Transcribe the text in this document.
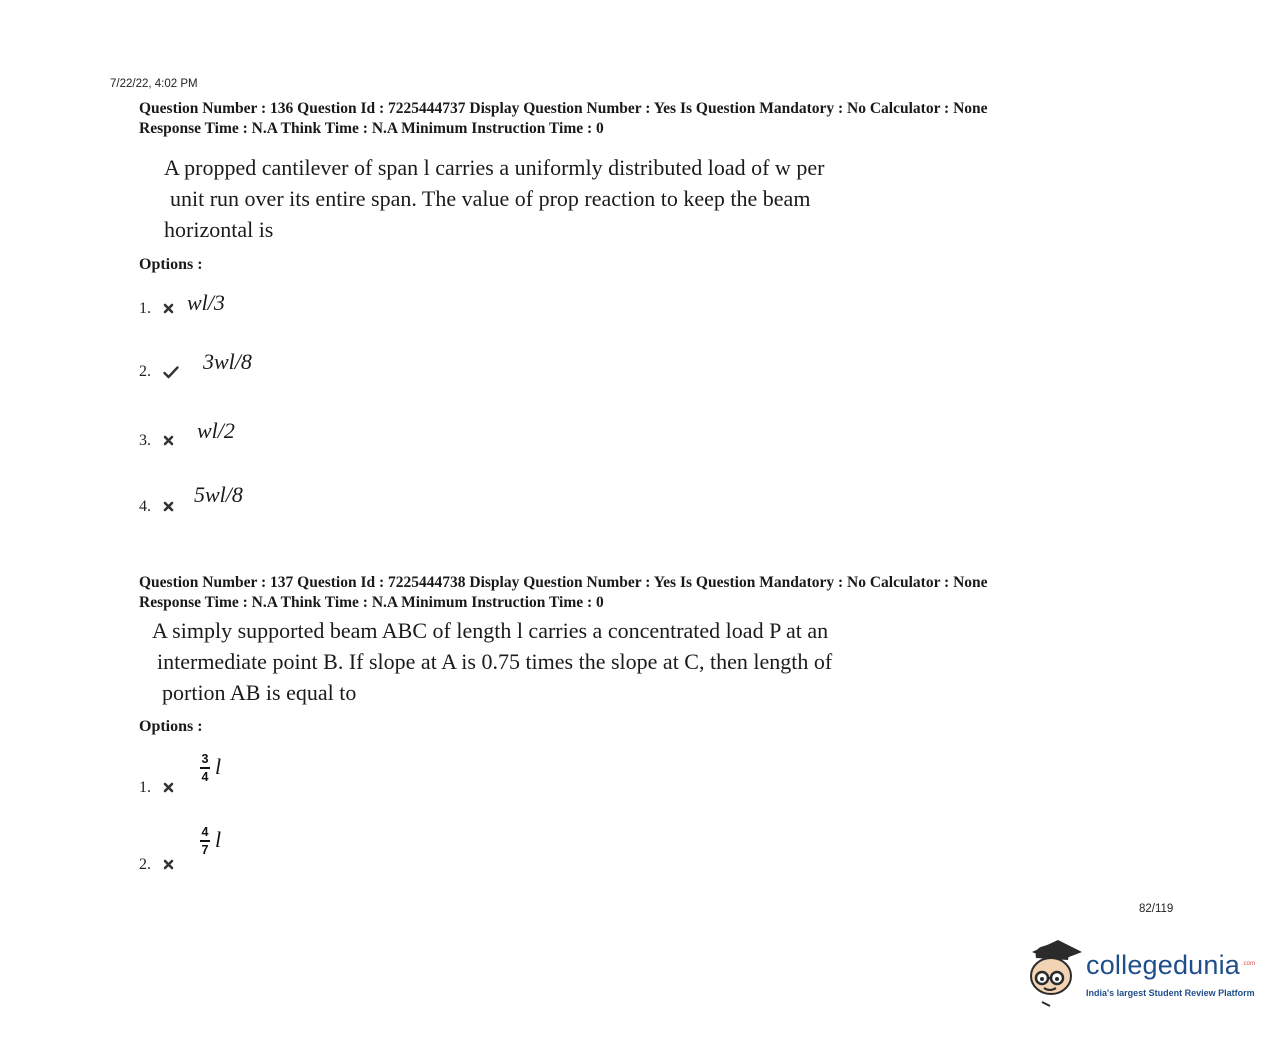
7/22/22, 4:02 PM
Question Number : 136 Question Id : 7225444737 Display Question Number : Yes Is Question Mandatory : No Calculator : None
Response Time : N.A Think Time : N.A Minimum Instruction Time : 0
A propped cantilever of span l carries a uniformly distributed load of w per
unit run over its entire span. The value of prop reaction to keep the beam
horizontal is
Options :
1.	wl/3
2.	3wl/8
3.	wl/2
4.	5wl/8
Question Number : 137 Question Id : 7225444738 Display Question Number : Yes Is Question Mandatory : No Calculator : None
Response Time : N.A Think Time : N.A Minimum Instruction Time : 0
A simply supported beam ABC of length l carries a concentrated load P at an
intermediate point B. If slope at A is 0.75 times the slope at C, then length of
portion AB is equal to
Options :
1.
3
4 l
2.
4
7 l
82/119
collegedunia .com
India's largest Student Review Platform
